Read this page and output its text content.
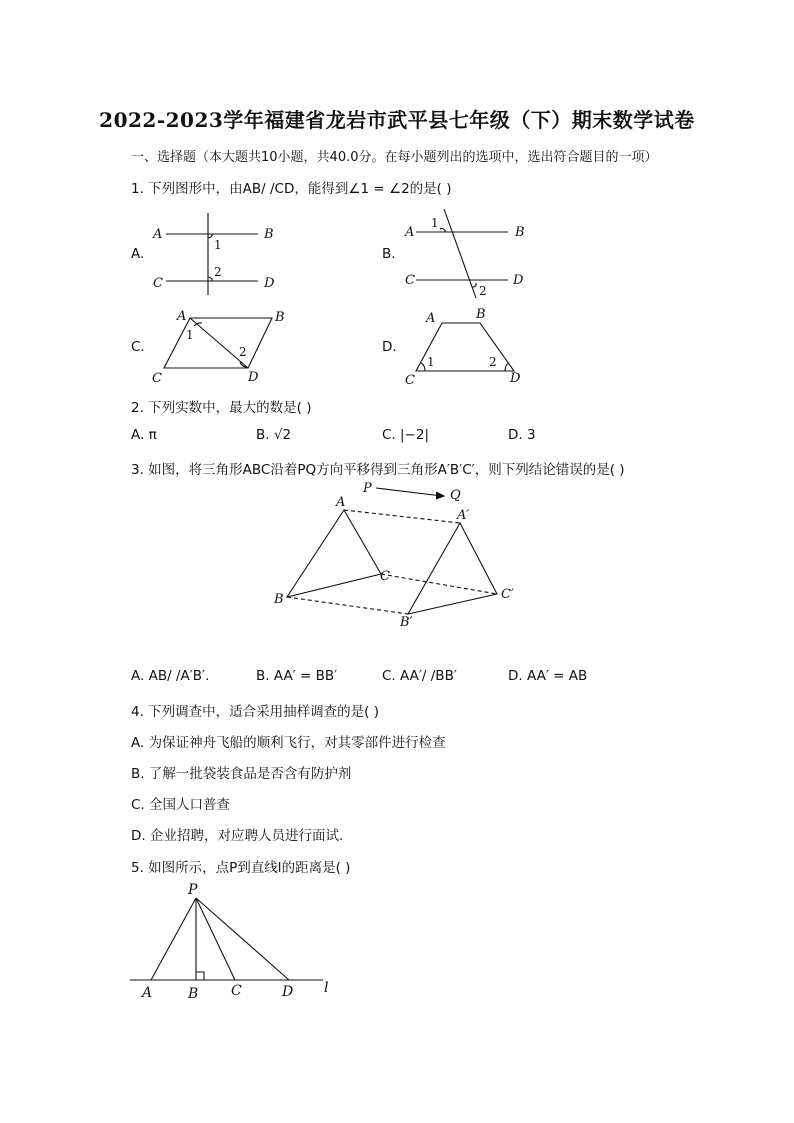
2022-2023学年福建省龙岩市武平县七年级（下）期末数学试卷
一、选择题（本大题共10小题，共40.0分。在每小题列出的选项中，选出符合题目的一项）
1. 下列图形中，由AB/ /CD，能得到∠1 = ∠2的是( )
A.
A	B
C	D
1
2
B.
A	B
C	D
1
2
C.
A	B
C	D
1
2	D.
A	B
C	D
1	2
2. 下列实数中，最大的数是( )
A. π	B. √2	C. |−2|	D. 3
3. 如图，将三角形ABC沿着PQ方向平移得到三角形A′B′C′，则下列结论错误的是( )
P	Q
A
B
C
A′
B′
C′
A. AB/ /A′B′.	B. AA′ = BB′	C. AA′/ /BB′	D. AA′ = AB
4. 下列调查中，适合采用抽样调查的是( )
A. 为保证神舟飞船的顺利飞行，对其零部件进行检查
B. 了解一批袋装食品是否含有防护剂
C. 全国人口普查
D. 企业招聘，对应聘人员进行面试.
5. 如图所示，点P到直线l的距离是( )
P
A	B C	D l
